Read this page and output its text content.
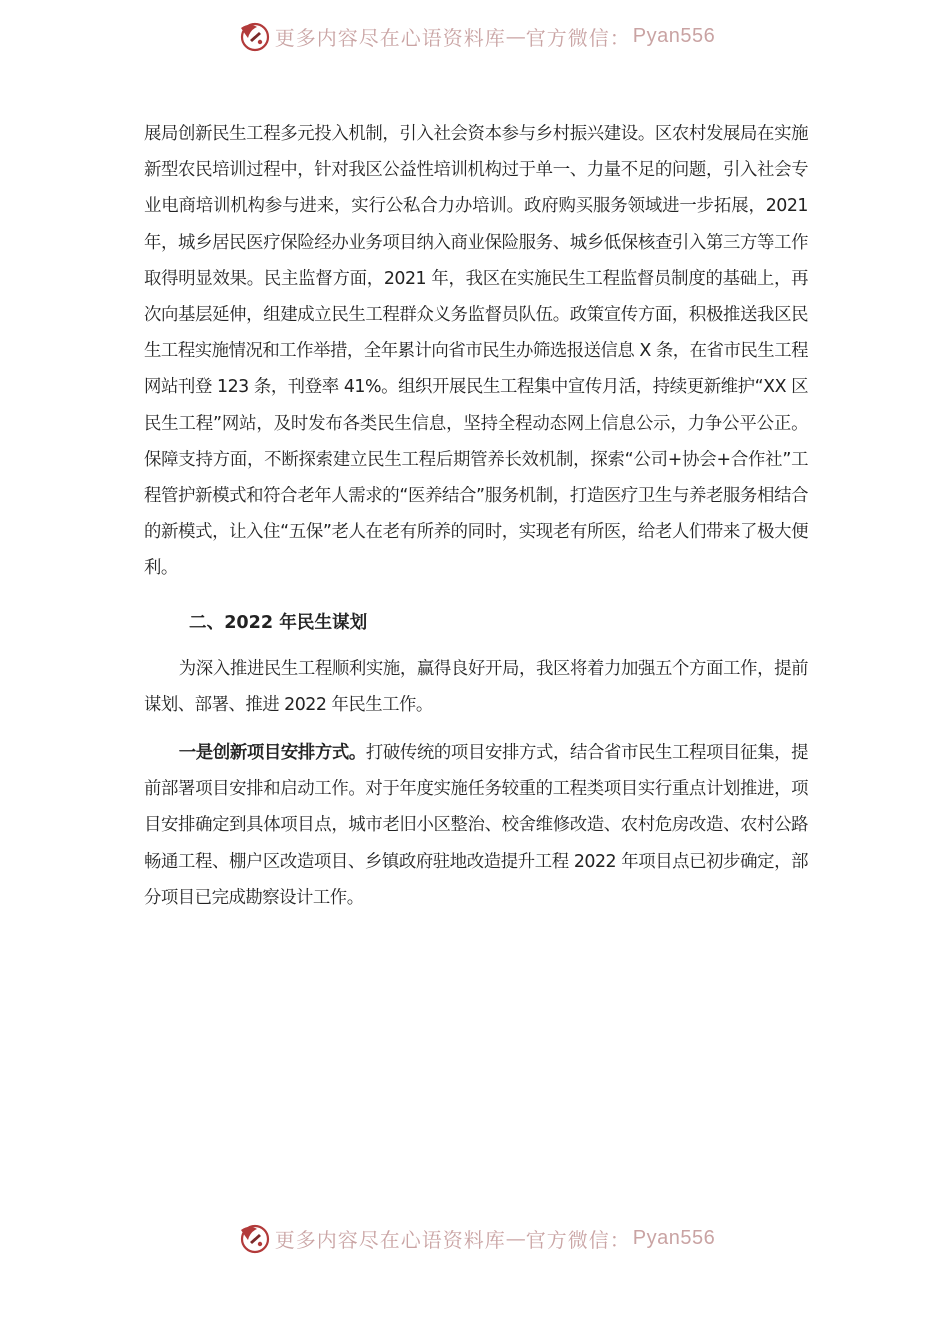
更多内容尽在心语资料库 — 官方微信： Pyan556

展局创新民生工程多元投入机制，引入社会资本参与乡村振兴建设。区农村发展局在实施新型农民培训过程中，针对我区公益性培训机构过于单一、力量不足的问题，引入社会专业电商培训机构参与进来，实行公私合力办培训。政府购买服务领域进一步拓展，2021 年，城乡居民医疗保险经办业务项目纳入商业保险服务、城乡低保核查引入第三方等工作取得明显效果。民主监督方面，2021 年，我区在实施民生工程监督员制度的基础上，再次向基层延伸，组建成立民生工程群众义务监督员队伍。政策宣传方面，积极推送我区民生工程实施情况和工作举措，全年累计向省市民生办筛选报送信息 X 条，在省市民生工程网站刊登 123 条，刊登率 41%。组织开展民生工程集中宣传月活，持续更新维护“XX 区民生工程”网站，及时发布各类民生信息，坚持全程动态网上信息公示，力争公平公正。保障支持方面，不断探索建立民生工程后期管养长效机制，探索“公司+协会+合作社”工程管护新模式和符合老年人需求的“医养结合”服务机制，打造医疗卫生与养老服务相结合的新模式，让入住“五保”老人在老有所养的同时，实现老有所医，给老人们带来了极大便利。

二、2022 年民生谋划

为深入推进民生工程顺利实施，赢得良好开局，我区将着力加强五个方面工作，提前谋划、部署、推进 2022 年民生工作。

一是创新项目安排方式。打破传统的项目安排方式，结合省市民生工程项目征集，提前部署项目安排和启动工作。对于年度实施任务较重的工程类项目实行重点计划推进，项目安排确定到具体项目点，城市老旧小区整治、校舍维修改造、农村危房改造、农村公路畅通工程、棚户区改造项目、乡镇政府驻地改造提升工程 2022 年项目点已初步确定，部分项目已完成勘察设计工作。

更多内容尽在心语资料库 — 官方微信： Pyan556
